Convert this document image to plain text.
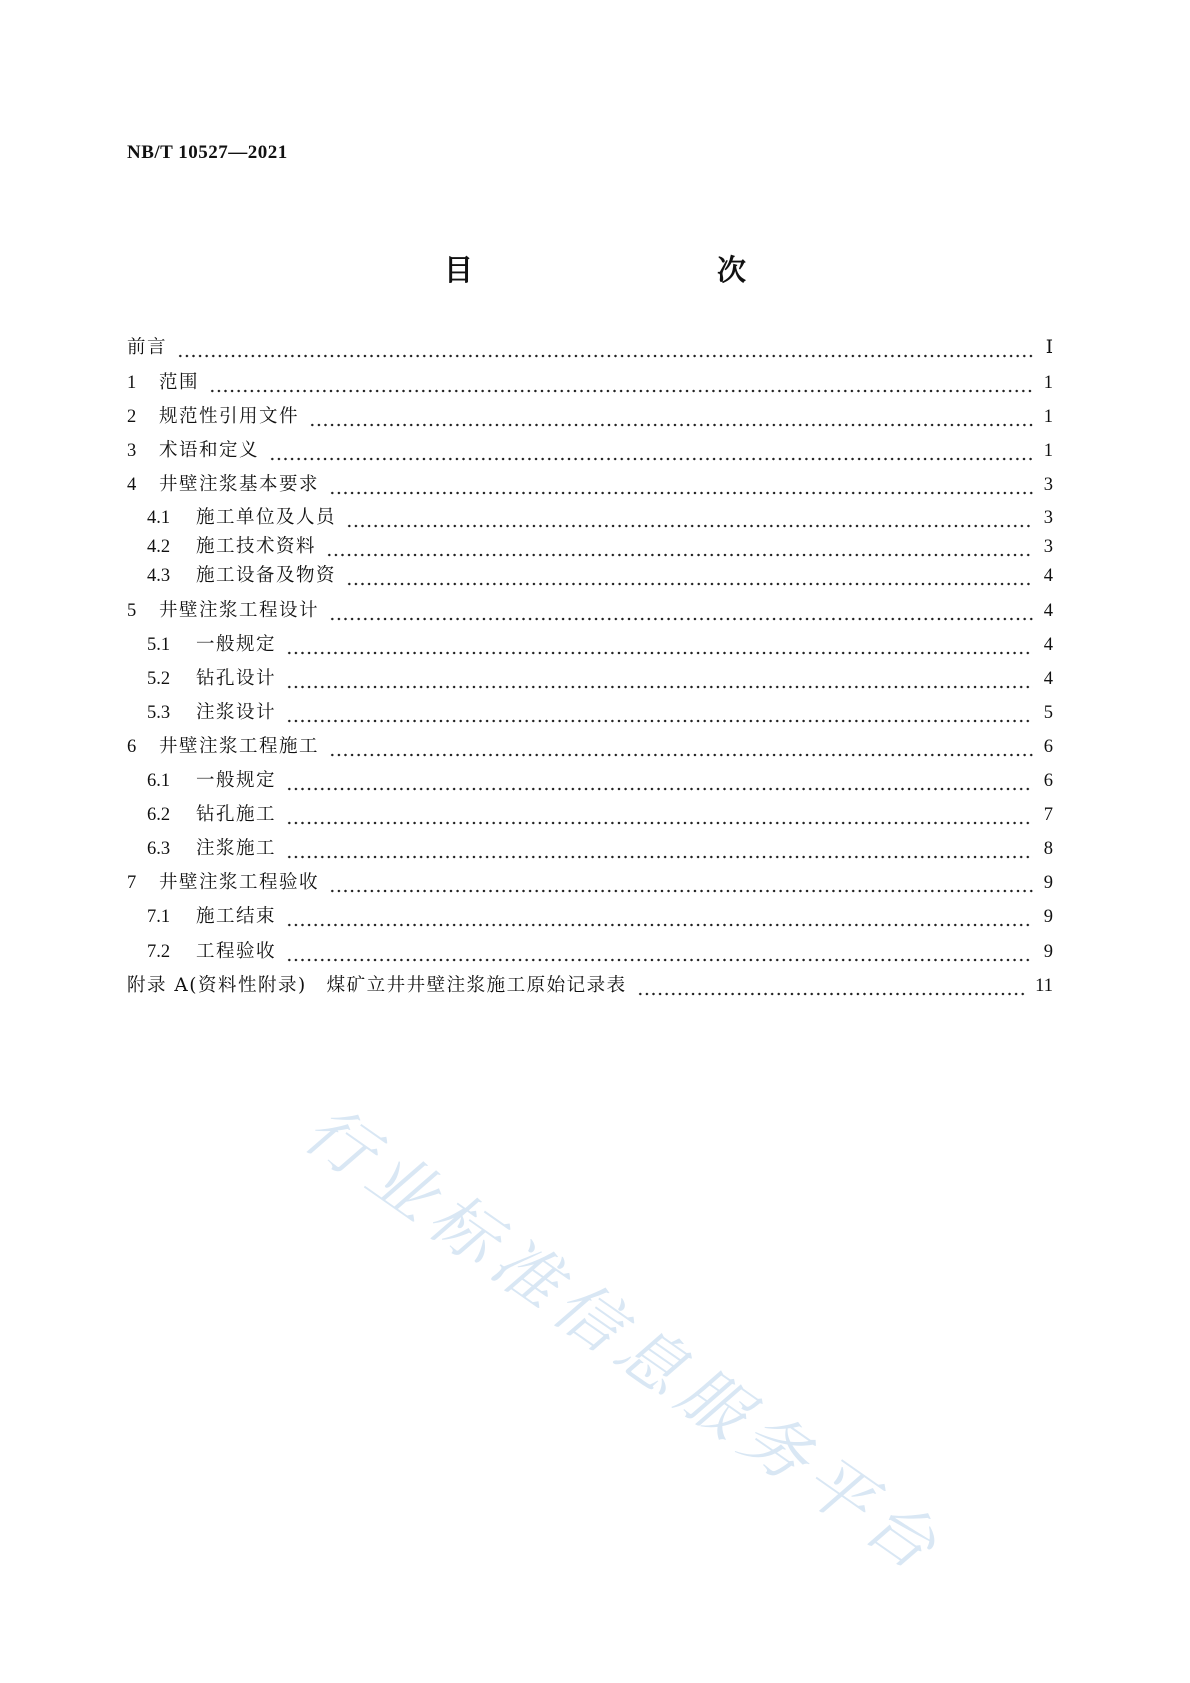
NB/T 10527—2021

目　　次
前言	Ⅰ
1	范围	1
2	规范性引用文件	1
3	术语和定义	1
4	井壁注浆基本要求	3
4.1	施工单位及人员	3
4.2	施工技术资料	3
4.3	施工设备及物资	4
5	井壁注浆工程设计	4
5.1	一般规定	4
5.2	钻孔设计	4
5.3	注浆设计	5
6	井壁注浆工程施工	6
6.1	一般规定	6
6.2	钻孔施工	7
6.3	注浆施工	8
7	井壁注浆工程验收	9
7.1	施工结束	9
7.2	工程验收	9
附录 A(资料性附录)　煤矿立井井壁注浆施工原始记录表	11
行业标准信息服务平台
